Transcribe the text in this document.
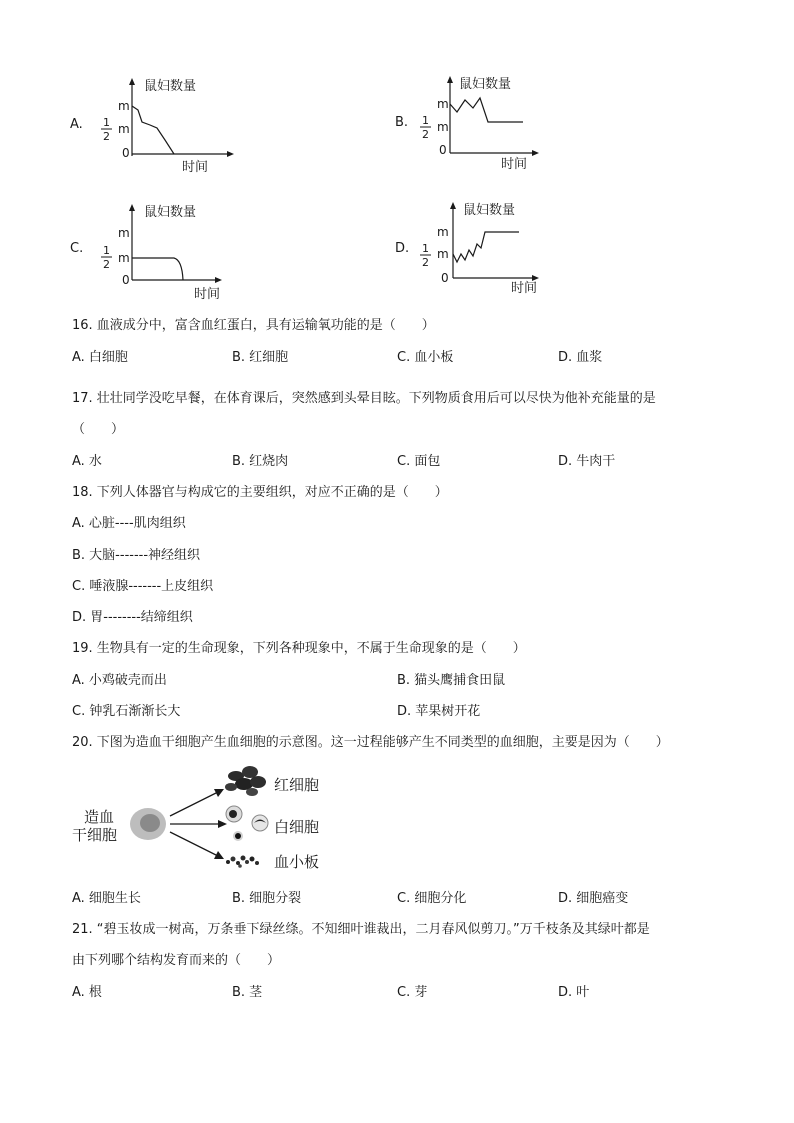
A.
鼠妇数量
m
1
2
m
0
时间
B.
鼠妇数量
m
1
2
m
0
时间
C.
鼠妇数量
m
1
2 m
0
时间
D.
鼠妇数量
m
1
2
m
0
时间
16. 血液成分中，富含血红蛋白，具有运输氧功能的是（　　）
A. 白细胞	B. 红细胞	C. 血小板	D. 血浆
17. 壮壮同学没吃早餐，在体育课后，突然感到头晕目眩。下列物质食用后可以尽快为他补充能量的是
（　　）
A. 水	B. 红烧肉	C. 面包	D. 牛肉干
18. 下列人体器官与构成它的主要组织，对应不正确的是（　　）
A. 心脏----肌肉组织
B. 大脑-------神经组织
C. 唾液腺-------上皮组织
D. 胃--------结缔组织
19. 生物具有一定的生命现象，下列各种现象中，不属于生命现象的是（　　）
A. 小鸡破壳而出	B. 猫头鹰捕食田鼠
C. 钟乳石渐渐长大	D. 苹果树开花
20. 下图为造血干细胞产生血细胞的示意图。这一过程能够产生不同类型的血细胞，主要是因为（　　）
造血
干细胞
红细胞
白细胞
血小板
A. 细胞生长	B. 细胞分裂	C. 细胞分化	D. 细胞癌变
21. “碧玉妆成一树高，万条垂下绿丝绦。不知细叶谁裁出，二月春风似剪刀。”万千枝条及其绿叶都是
由下列哪个结构发育而来的（　　）
A. 根	B. 茎	C. 芽	D. 叶
